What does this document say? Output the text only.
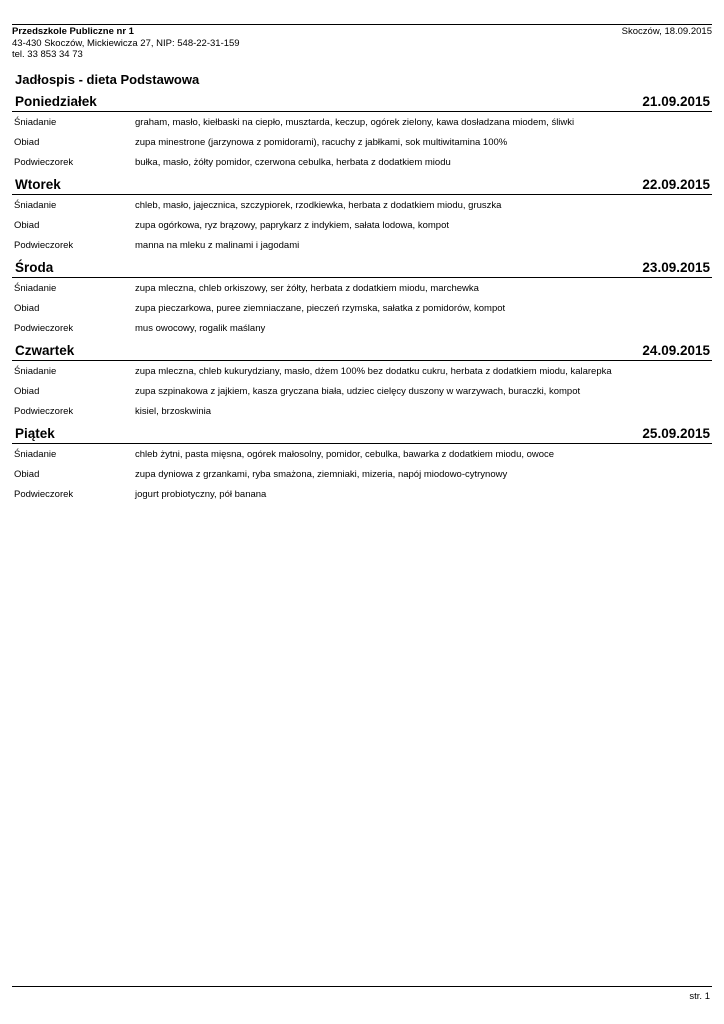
Przedszkole Publiczne nr 1
43-430 Skoczów, Mickiewicza 27, NIP: 548-22-31-159
tel. 33 853 34 73
Skoczów, 18.09.2015
Jadłospis - dieta Podstawowa
Poniedziałek	21.09.2015
Śniadanie	graham, masło, kiełbaski na ciepło, musztarda, keczup, ogórek zielony, kawa dosładzana miodem, śliwki
Obiad	zupa minestrone (jarzynowa z pomidorami), racuchy z jabłkami, sok multiwitamina 100%
Podwieczorek	bułka, masło, żółty pomidor, czerwona cebulka, herbata z dodatkiem miodu
Wtorek	22.09.2015
Śniadanie	chleb, masło, jajecznica, szczypiorek, rzodkiewka, herbata z dodatkiem miodu, gruszka
Obiad	zupa ogórkowa, ryz brązowy, paprykarz z indykiem, sałata lodowa, kompot
Podwieczorek	manna na mleku z malinami i jagodami
Środa	23.09.2015
Śniadanie	zupa mleczna, chleb orkiszowy, ser żółty, herbata z dodatkiem miodu, marchewka
Obiad	zupa pieczarkowa, puree ziemniaczane, pieczeń rzymska, sałatka z pomidorów, kompot
Podwieczorek	mus owocowy, rogalik maślany
Czwartek	24.09.2015
Śniadanie	zupa mleczna, chleb kukurydziany, masło, dżem 100% bez dodatku cukru, herbata z dodatkiem miodu, kalarepka
Obiad	zupa szpinakowa z jajkiem, kasza gryczana biała, udziec cielęcy duszony w warzywach, buraczki, kompot
Podwieczorek	kisiel, brzoskwinia
Piątek	25.09.2015
Śniadanie	chleb żytni, pasta mięsna, ogórek małosolny, pomidor, cebulka, bawarka z dodatkiem miodu, owoce
Obiad	zupa dyniowa z grzankami, ryba smażona, ziemniaki, mizeria, napój miodowo-cytrynowy
Podwieczorek	jogurt probiotyczny, pół banana
str. 1
